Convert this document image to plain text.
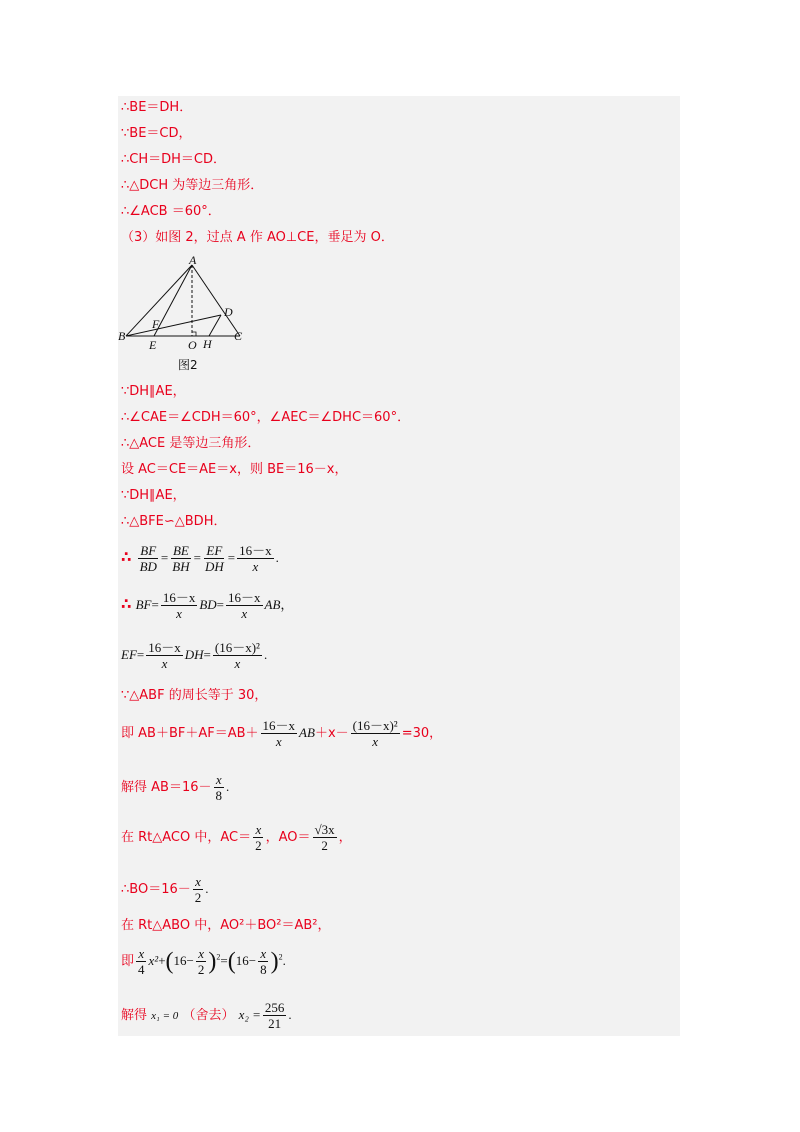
∴BE＝DH．
∵BE＝CD，
∴CH＝DH＝CD．
∴△DCH 为等边三角形．
∴∠ACB ＝60°．
（3）如图 2，过点 A 作 AO⊥CE，垂足为 O．
A
B	C
D
E
F
O H
图2
∵DH∥AE，
∴∠CAE＝∠CDH＝60°，∠AEC＝∠DHC＝60°．
∴△ACE 是等边三角形．
设 AC＝CE＝AE＝x，则 BE＝16－x，
∵DH∥AE，
∴△BFE∽△BDH．
∴ $\frac{BF}{BD} = \frac{BE}{BH} = \frac{EF}{DH} = \frac{16-x}{x}$ .
∴ $BF= \frac{16-x}{x} BD= \frac{16-x}{x}$ AB，
$EF= \frac{16-x}{x} DH= \frac{\text{(16－x)²}}{x}$ .
∵△ABF 的周长等于 30，
即 $AB+BF+AF=AB+ \frac{16-x}{x} AB+x- \frac{\text{(16－x)²}}{x} =30$，
解得 $AB=16- \frac{x}{8}$ .
在 Rt△ACO 中，$AC= \frac{x}{2}$ ，$AO= \frac{√3x}{2}$ ，
∴BO＝16－ $\frac{x}{2}$ .
在 Rt△ABO 中，AO²＋BO²＝AB²，
即 $\frac{x}{4} x^2+(16- \frac{x}{2} )^2=(16- \frac{x}{8} )^2$.
解得 x₁ = 0 （舍去） $x_2 = \frac{256}{21}$ .
